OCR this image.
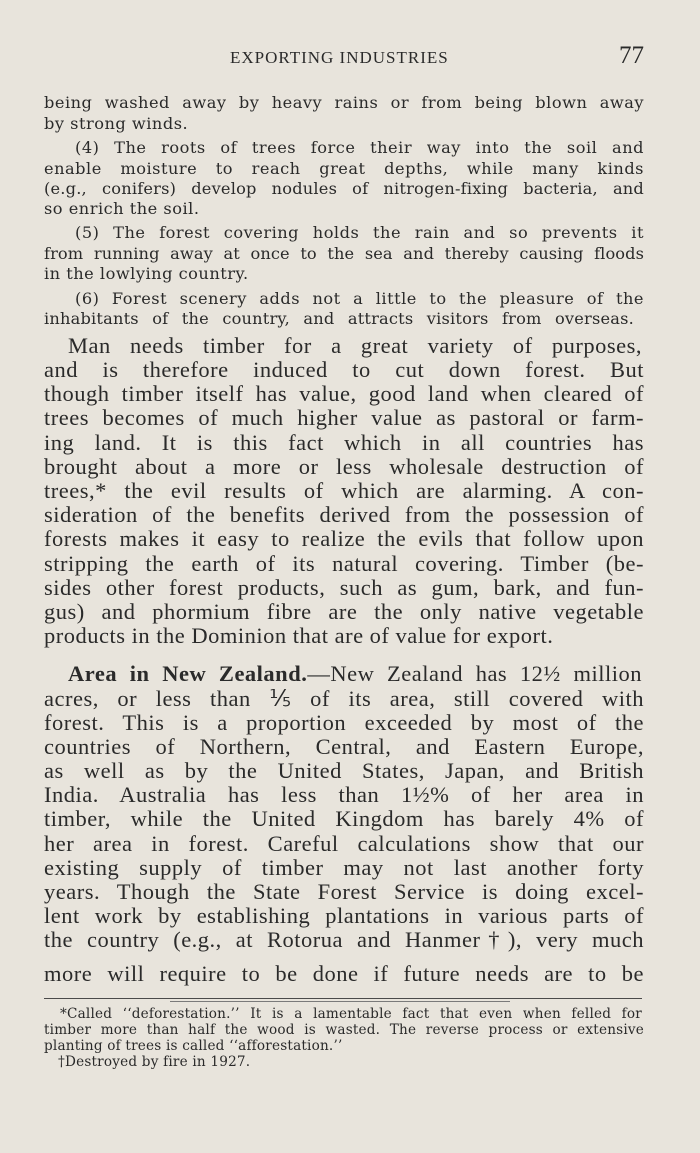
EXPORTING INDUSTRIES	77
being washed away by heavy rains or from being blown away
by strong winds.
(4) The roots of trees force their way into the soil and
enable moisture to reach great depths, while many kinds
(e.g., conifers) develop nodules of nitrogen-fixing bacteria, and
so enrich the soil.
(5) The forest covering holds the rain and so prevents it
from running away at once to the sea and thereby causing floods
in the lowlying country.
(6) Forest scenery adds not a little to the pleasure of the
inhabitants of the country, and attracts visitors from overseas.
Man needs timber for a great variety of purposes,
and is therefore induced to cut down forest. But
though timber itself has value, good land when cleared of
trees becomes of much higher value as pastoral or farm-
ing land. It is this fact which in all countries has
brought about a more or less wholesale destruction of
trees,* the evil results of which are alarming. A con-
sideration of the benefits derived from the possession of
forests makes it easy to realize the evils that follow upon
stripping the earth of its natural covering. Timber (be-
sides other forest products, such as gum, bark, and fun-
gus) and phormium fibre are the only native vegetable
products in the Dominion that are of value for export.
Area in New Zealand.—New Zealand has 12½ million
acres, or less than ⅕ of its area, still covered with
forest. This is a proportion exceeded by most of the
countries of Northern, Central, and Eastern Europe,
as well as by the United States, Japan, and British
India. Australia has less than 1½% of her area in
timber, while the United Kingdom has barely 4% of
her area in forest. Careful calculations show that our
existing supply of timber may not last another forty
years. Though the State Forest Service is doing excel-
lent work by establishing plantations in various parts of
the country (e.g., at Rotorua and Hanmer†), very much
more will require to be done if future needs are to be
*Called ‘‘deforestation.’’ It is a lamentable fact that even when felled for
timber more than half the wood is wasted. The reverse process or extensive
planting of trees is called ‘‘afforestation.’’
†Destroyed by fire in 1927.
